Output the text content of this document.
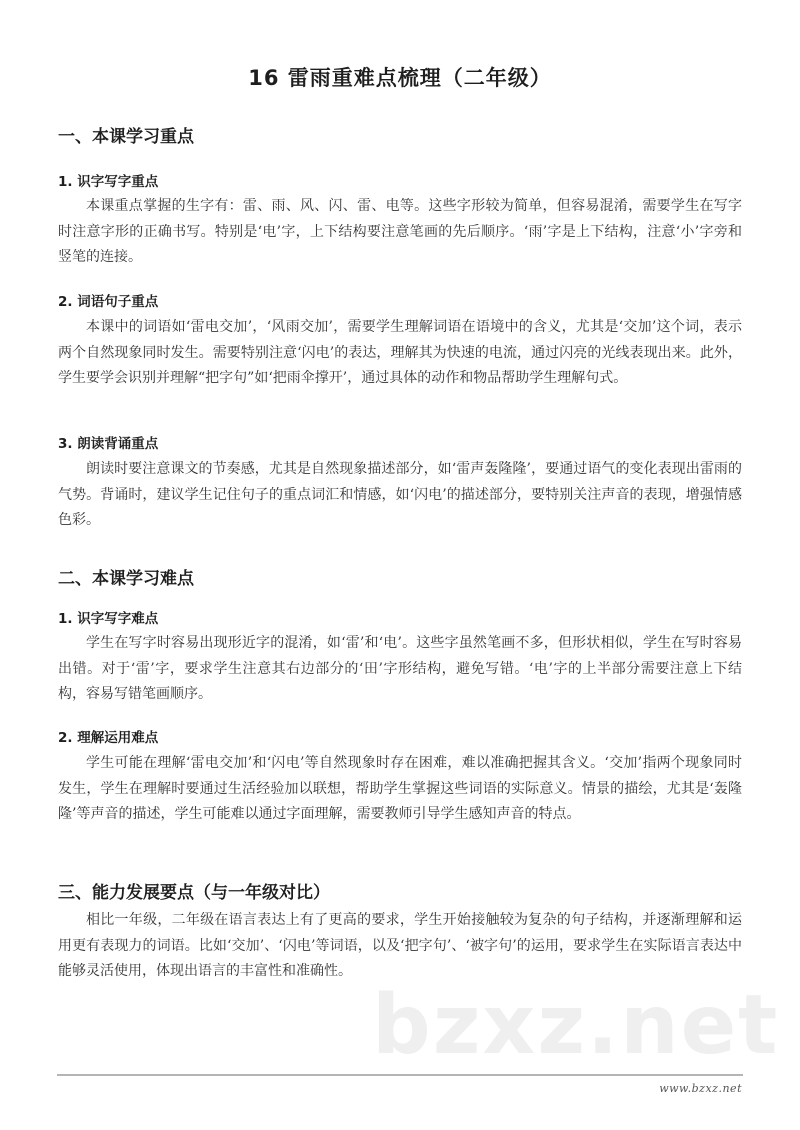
16 雷雨重难点梳理（二年级）
一、本课学习重点
1. 识字写字重点
本课重点掌握的生字有：雷、雨、风、闪、雷、电等。这些字形较为简单，但容易混淆，需要学生在写字时注意字形的正确书写。特别是‘电’字，上下结构要注意笔画的先后顺序。‘雨’字是上下结构，注意‘小’字旁和竖笔的连接。
2. 词语句子重点
本课中的词语如‘雷电交加’，‘风雨交加’，需要学生理解词语在语境中的含义，尤其是‘交加’这个词，表示两个自然现象同时发生。需要特别注意‘闪电’的表达，理解其为快速的电流，通过闪亮的光线表现出来。此外，学生要学会识别并理解“把字句”如‘把雨伞撑开’，通过具体的动作和物品帮助学生理解句式。
3. 朗读背诵重点
朗读时要注意课文的节奏感，尤其是自然现象描述部分，如‘雷声轰隆隆’，要通过语气的变化表现出雷雨的气势。背诵时，建议学生记住句子的重点词汇和情感，如‘闪电’的描述部分，要特别关注声音的表现，增强情感色彩。
二、本课学习难点
1. 识字写字难点
学生在写字时容易出现形近字的混淆，如‘雷’和‘电’。这些字虽然笔画不多，但形状相似，学生在写时容易出错。对于‘雷’字，要求学生注意其右边部分的‘田’字形结构，避免写错。‘电’字的上半部分需要注意上下结构，容易写错笔画顺序。
2. 理解运用难点
学生可能在理解‘雷电交加’和‘闪电’等自然现象时存在困难，难以准确把握其含义。‘交加’指两个现象同时发生，学生在理解时要通过生活经验加以联想，帮助学生掌握这些词语的实际意义。情景的描绘，尤其是‘轰隆隆’等声音的描述，学生可能难以通过字面理解，需要教师引导学生感知声音的特点。
三、能力发展要点（与一年级对比）
相比一年级，二年级在语言表达上有了更高的要求，学生开始接触较为复杂的句子结构，并逐渐理解和运用更有表现力的词语。比如‘交加’、‘闪电’等词语，以及‘把字句’、‘被字句’的运用，要求学生在实际语言表达中能够灵活使用，体现出语言的丰富性和准确性。
bzxz.net
www.bzxz.net
